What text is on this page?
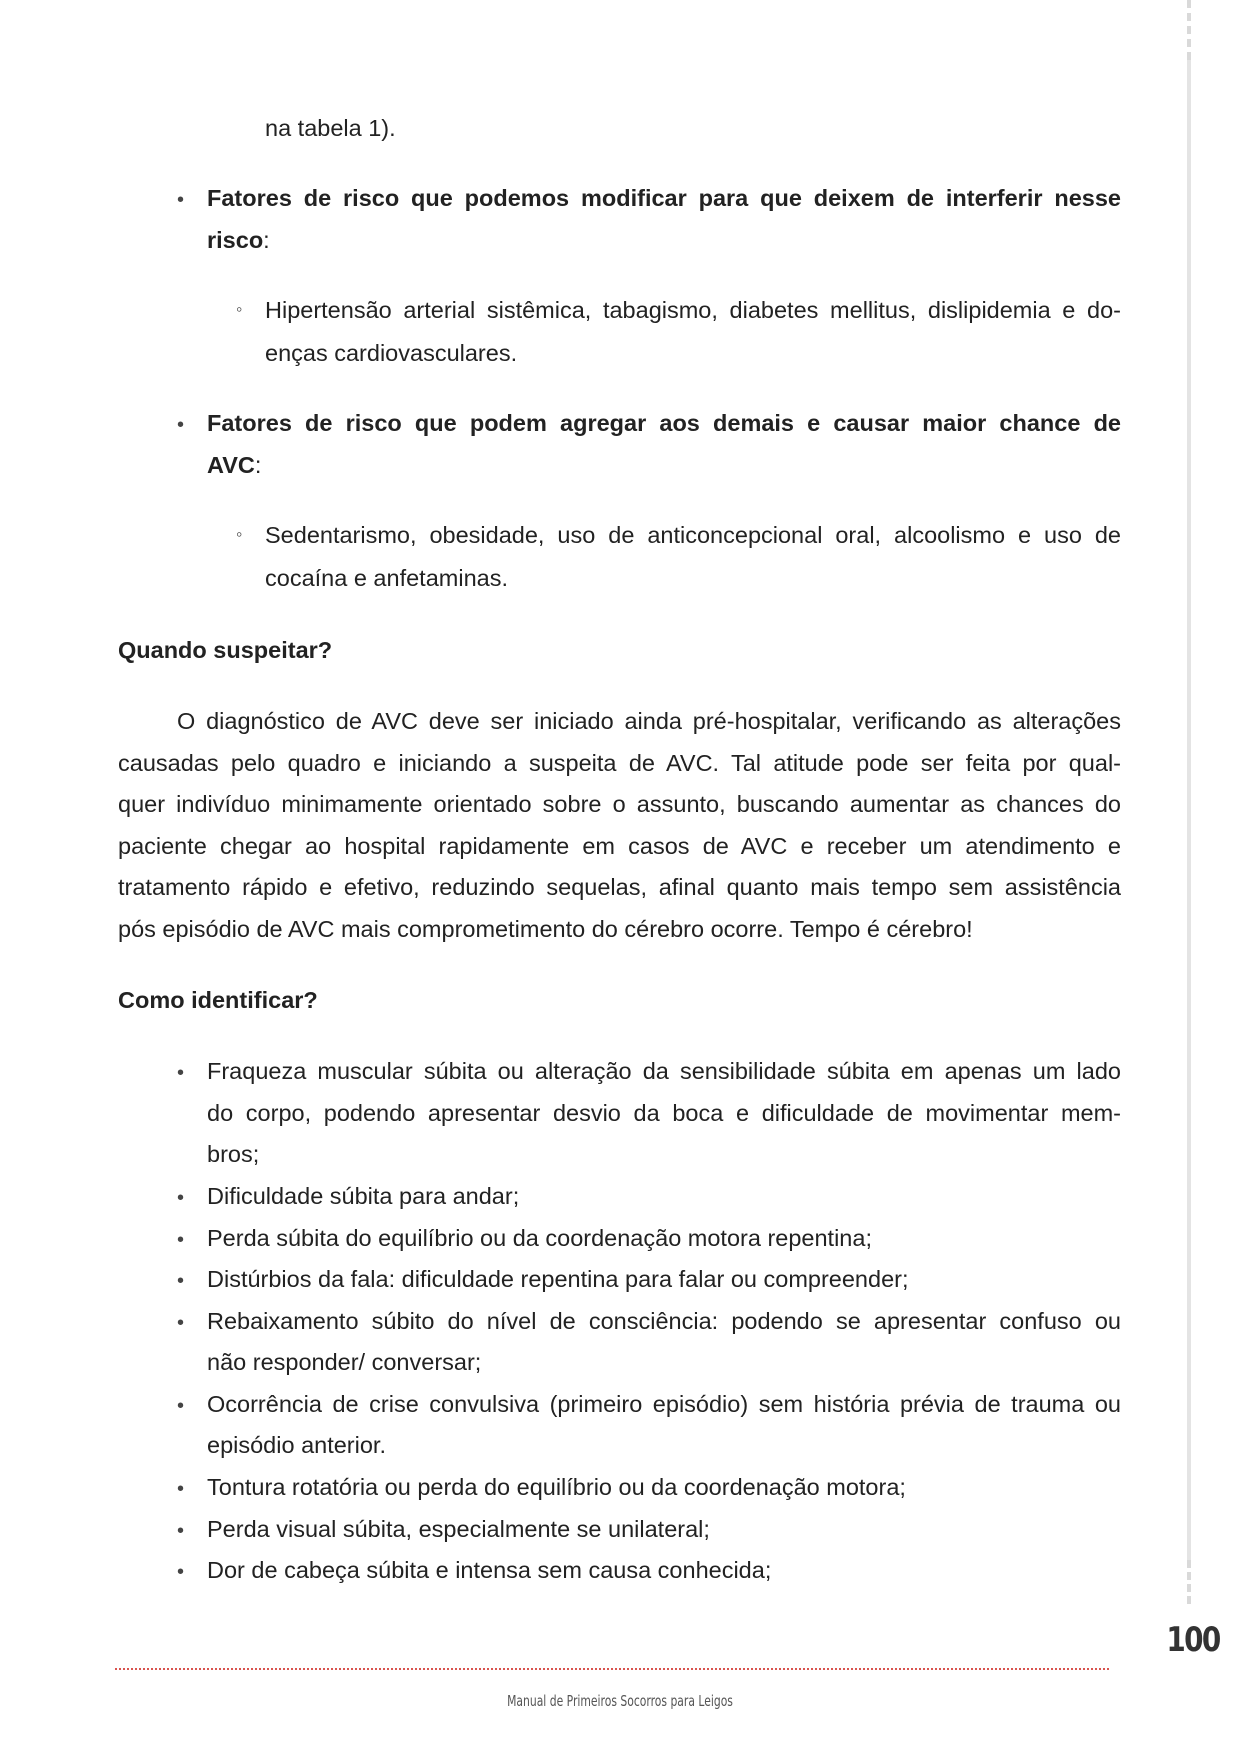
na tabela 1).
• Fatores de risco que podemos modificar para que deixem de interferir nesse
risco:
◦ Hipertensão arterial sistêmica, tabagismo, diabetes mellitus, dislipidemia e do-
enças cardiovasculares.
• Fatores de risco que podem agregar aos demais e causar maior chance de
AVC:
◦ Sedentarismo, obesidade, uso de anticoncepcional oral, alcoolismo e uso de
cocaína e anfetaminas.
Quando suspeitar?
O diagnóstico de AVC deve ser iniciado ainda pré-hospitalar, verificando as alterações
causadas pelo quadro e iniciando a suspeita de AVC. Tal atitude pode ser feita por qual-
quer indivíduo minimamente orientado sobre o assunto, buscando aumentar as chances do
paciente chegar ao hospital rapidamente em casos de AVC e receber um atendimento e
tratamento rápido e efetivo, reduzindo sequelas, afinal quanto mais tempo sem assistência
pós episódio de AVC mais comprometimento do cérebro ocorre. Tempo é cérebro!
Como identificar?
• Fraqueza muscular súbita ou alteração da sensibilidade súbita em apenas um lado
do corpo, podendo apresentar desvio da boca e dificuldade de movimentar mem-
bros;
• Dificuldade súbita para andar;
• Perda súbita do equilíbrio ou da coordenação motora repentina;
• Distúrbios da fala: dificuldade repentina para falar ou compreender;
• Rebaixamento súbito do nível de consciência: podendo se apresentar confuso ou
não responder/ conversar;
• Ocorrência de crise convulsiva (primeiro episódio) sem história prévia de trauma ou
episódio anterior.
• Tontura rotatória ou perda do equilíbrio ou da coordenação motora;
• Perda visual súbita, especialmente se unilateral;
• Dor de cabeça súbita e intensa sem causa conhecida;
100
Manual de Primeiros Socorros para Leigos
